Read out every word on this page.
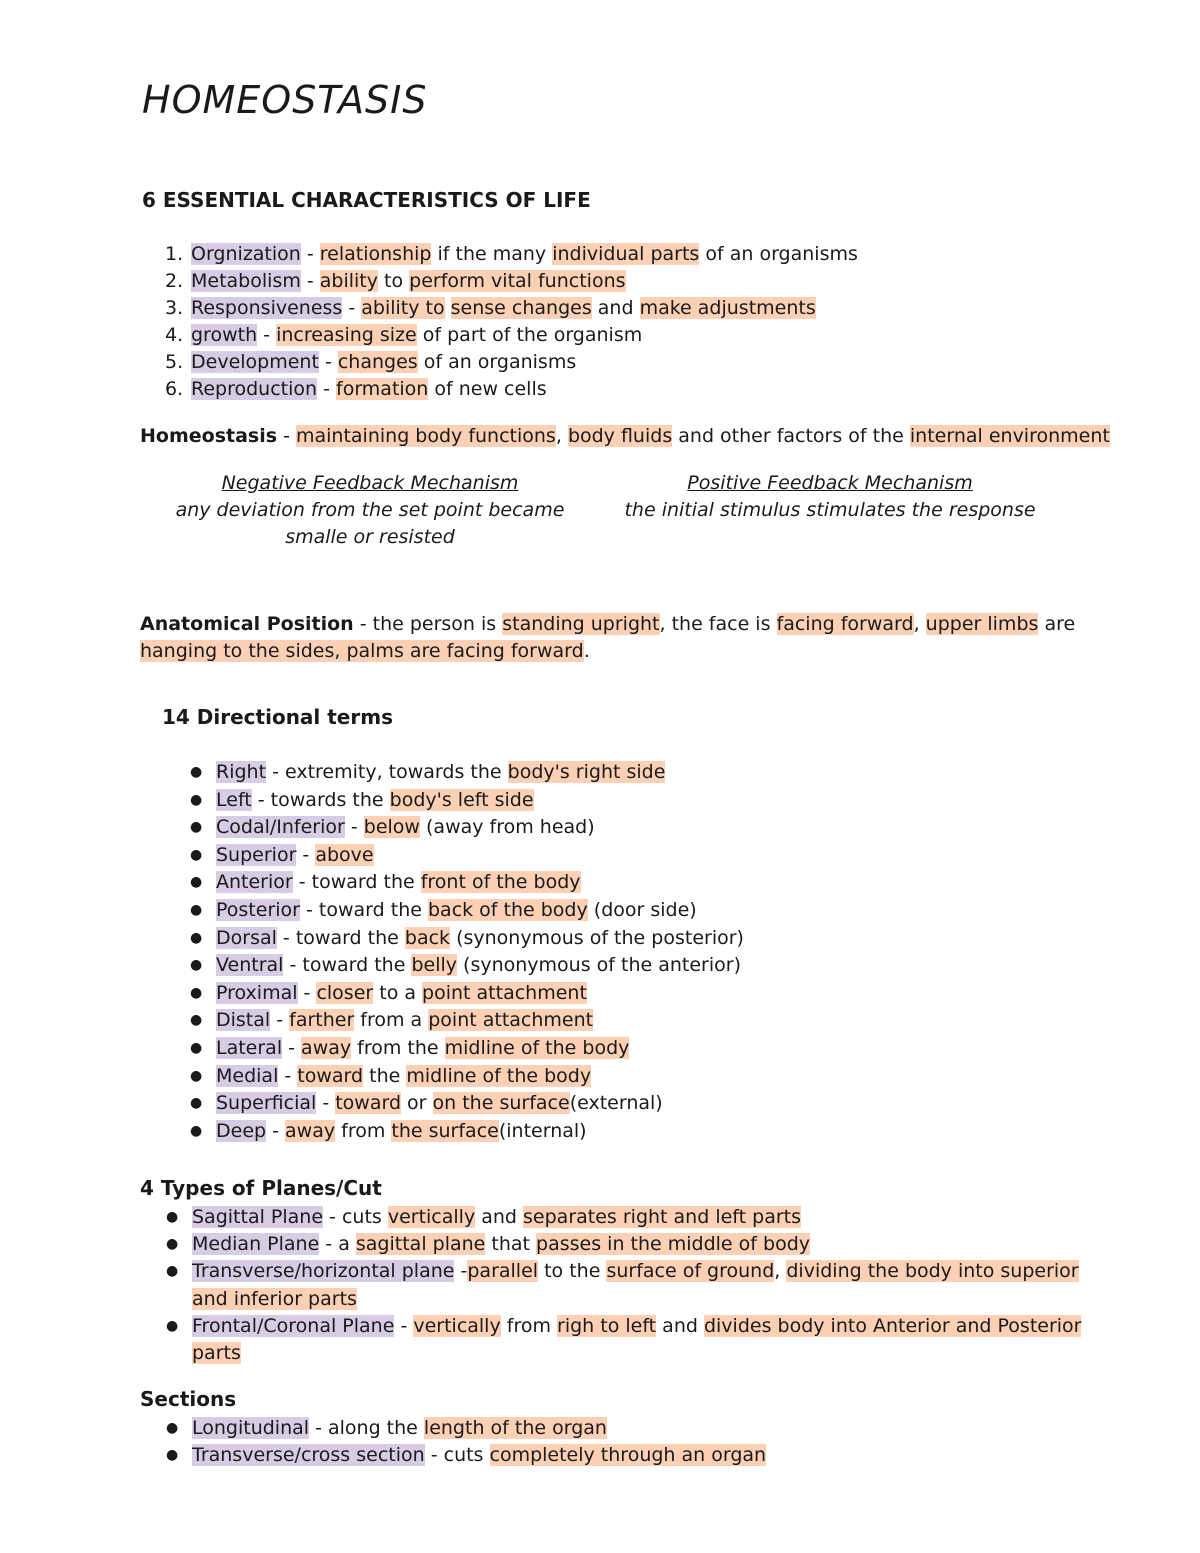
HOMEOSTASIS
6 ESSENTIAL CHARACTERISTICS OF LIFE
1. Orgnization - relationship if the many individual parts of an organisms
2. Metabolism - ability to perform vital functions
3. Responsiveness - ability to sense changes and make adjustments
4. growth - increasing size of part of the organism
5. Development - changes of an organisms
6. Reproduction - formation of new cells
Homeostasis - maintaining body functions, body fluids and other factors of the internal environment
Negative Feedback Mechanism
any deviation from the set point became
smalle or resisted
Positive Feedback Mechanism
the initial stimulus stimulates the response
Anatomical Position - the person is standing upright, the face is facing forward, upper limbs are
hanging to the sides, palms are facing forward.
14 Directional terms
● Right - extremity, towards the body's right side
● Left - towards the body's left side
● Codal/Inferior - below (away from head)
● Superior - above
● Anterior - toward the front of the body
● Posterior - toward the back of the body (door side)
● Dorsal - toward the back (synonymous of the posterior)
● Ventral - toward the belly (synonymous of the anterior)
● Proximal - closer to a point attachment
● Distal - farther from a point attachment
● Lateral - away from the midline of the body
● Medial - toward the midline of the body
● Superficial - toward or on the surface(external)
● Deep - away from the surface(internal)
4 Types of Planes/Cut
● Sagittal Plane - cuts vertically and separates right and left parts
● Median Plane - a sagittal plane that passes in the middle of body
● Transverse/horizontal plane -parallel to the surface of ground, dividing the body into superior
and inferior parts
● Frontal/Coronal Plane - vertically from righ to left and divides body into Anterior and Posterior
parts
Sections
● Longitudinal - along the length of the organ
● Transverse/cross section - cuts completely through an organ
